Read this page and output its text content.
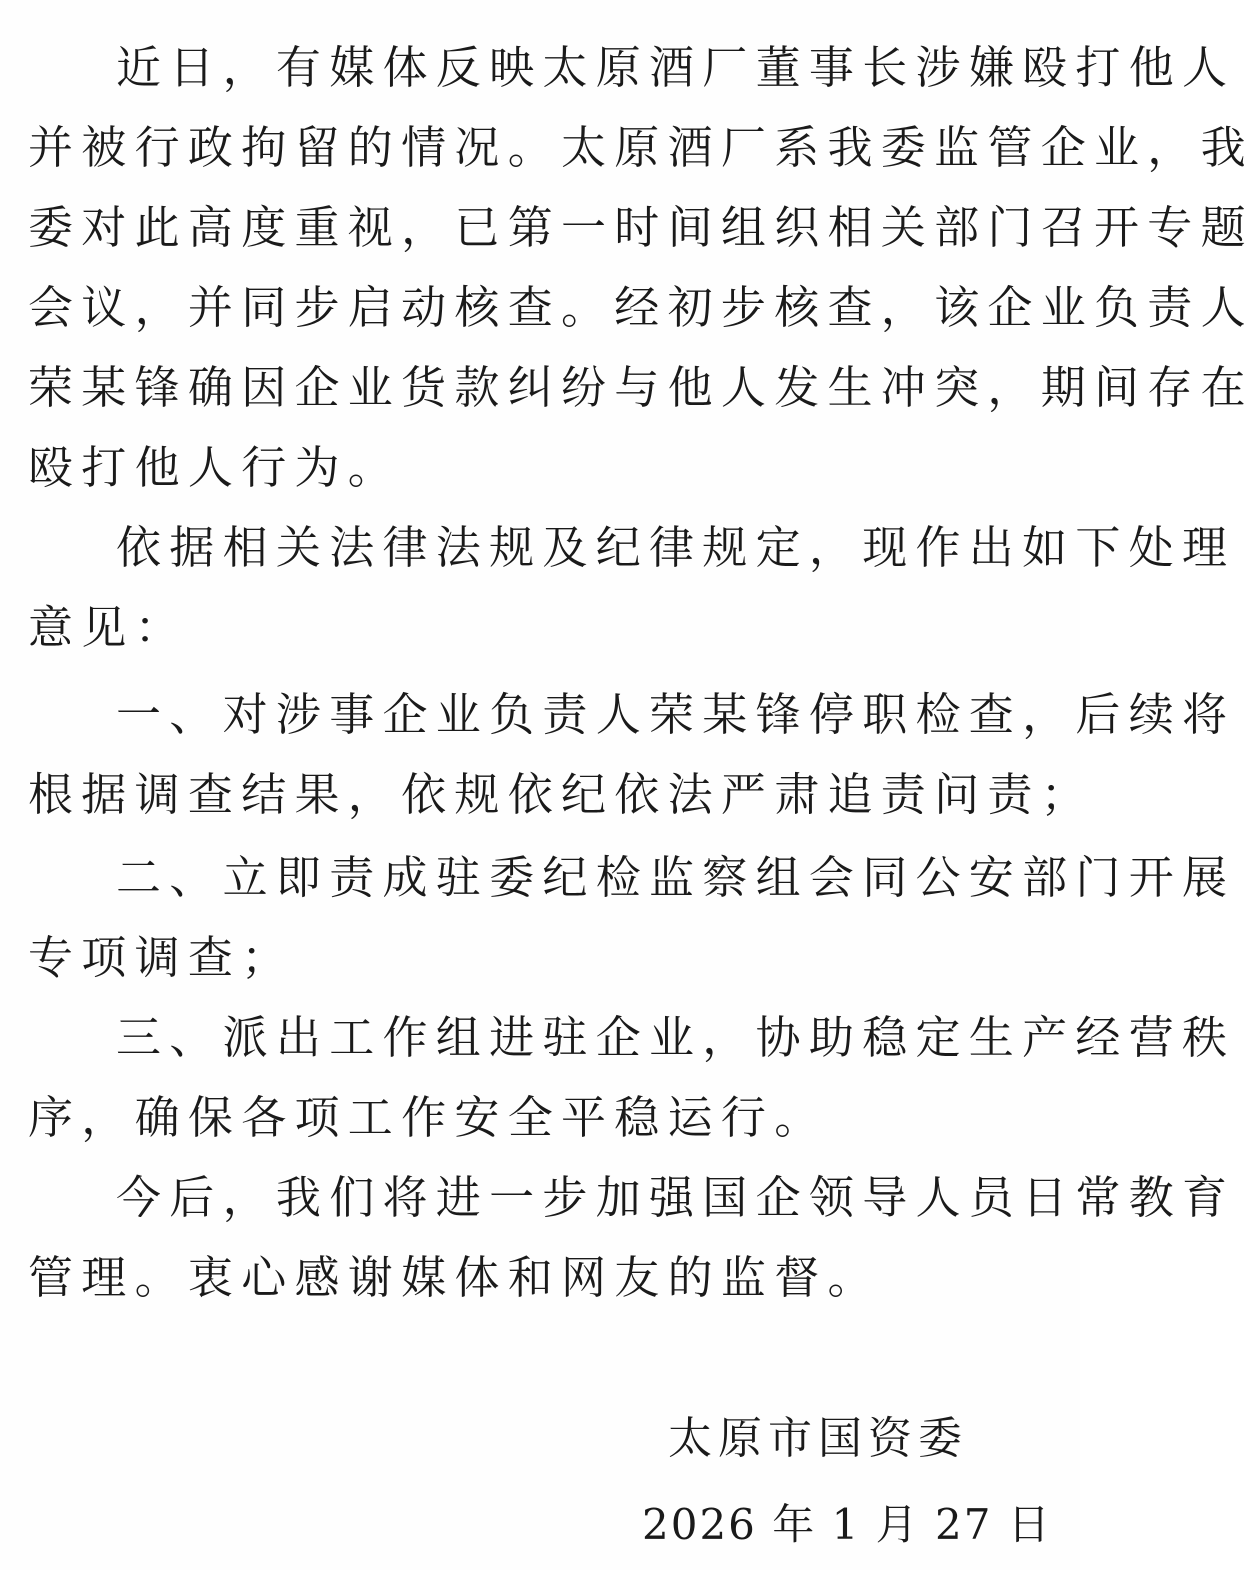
近日，有媒体反映太原酒厂董事长涉嫌殴打他人
并被行政拘留的情况。太原酒厂系我委监管企业，我
委对此高度重视，已第一时间组织相关部门召开专题
会议，并同步启动核查。经初步核查，该企业负责人
荣某锋确因企业货款纠纷与他人发生冲突，期间存在
殴打他人行为。
依据相关法律法规及纪律规定，现作出如下处理
意见：
一、对涉事企业负责人荣某锋停职检查，后续将
根据调查结果，依规依纪依法严肃追责问责；
二、立即责成驻委纪检监察组会同公安部门开展
专项调查；
三、派出工作组进驻企业，协助稳定生产经营秩
序，确保各项工作安全平稳运行。
今后，我们将进一步加强国企领导人员日常教育
管理。衷心感谢媒体和网友的监督。
太原市国资委
2026 年 1 月 27 日
